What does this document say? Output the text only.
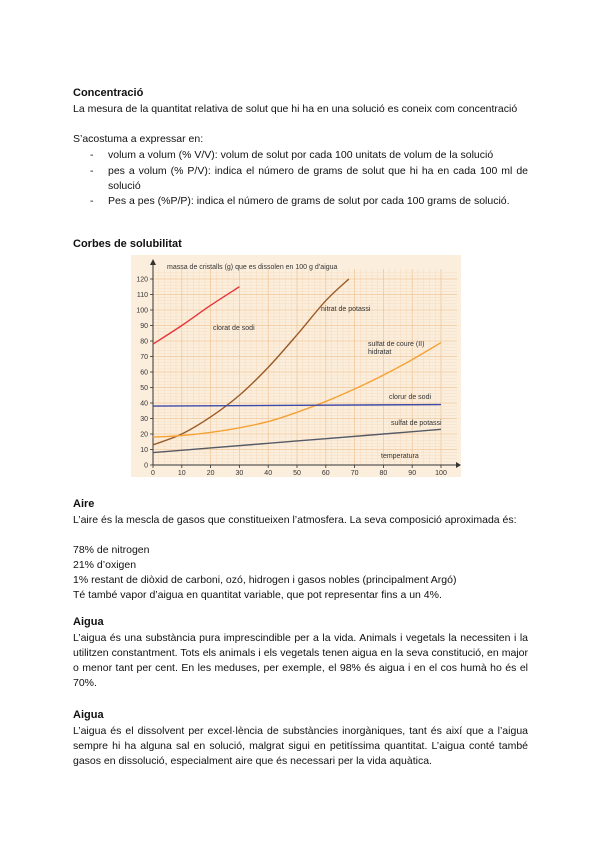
Concentració
La mesura de la quantitat relativa de solut que hi ha en una solució es coneix com concentració
S’acostuma a expressar en:
- volum a volum (% V/V): volum de solut por cada 100 unitats de volum de la solució
- pes a volum (% P/V): indica el número de grams de solut que hi ha en cada 100 ml de solució
- Pes a pes (%P/P): indica el número de grams de solut por cada 100 grams de solució.
Corbes de solubilitat
0
10
20
30
40
50
60
70
80
90
100
110
120
0	10	20	30	40	50	60	70	80	90	100
massa de cristalls (g) que es dissolen en 100 g d’aigua
temperatura
clorat de sodi
nitrat de potassi
sulfat de coure (II) hidratat
clorur de sodi
sulfat de potassi
Aire
L’aire és la mescla de gasos que constitueixen l’atmosfera. La seva composició aproximada és:
78% de nitrogen
21% d’oxigen
1% restant de diòxid de carboni, ozó, hidrogen i gasos nobles (principalment Argó)
Té també vapor d’aigua en quantitat variable, que pot representar fins a un 4%.
Aigua
L’aigua és una substància pura imprescindible per a la vida. Animals i vegetals la necessiten i la utilitzen constantment. Tots els animals i els vegetals tenen aigua en la seva constitució, en major o menor tant per cent. En les meduses, per exemple, el 98% és aigua i en el cos humà ho és el 70%.
Aigua
L’aigua és el dissolvent per excel·lència de substàncies inorgàniques, tant és així que a l’aigua sempre hi ha alguna sal en solució, malgrat sigui en petitíssima quantitat. L’aigua conté també gasos en dissolució, especialment aire que és necessari per la vida aquàtica.
